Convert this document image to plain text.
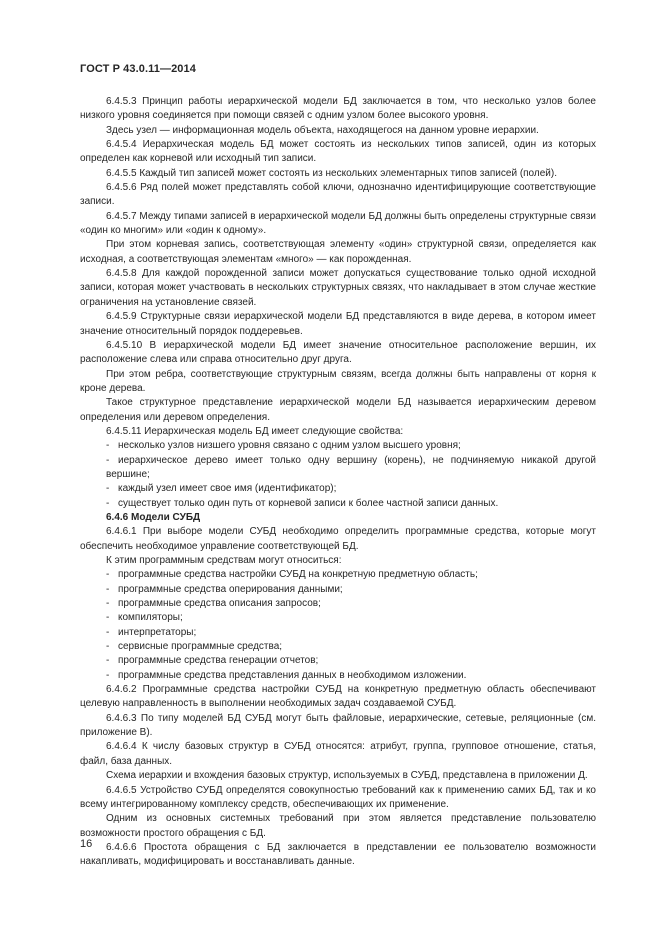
ГОСТ Р 43.0.11—2014

6.4.5.3 Принцип работы иерархической модели БД заключается в том, что несколько узлов более низкого уровня соединяется при помощи связей с одним узлом более высокого уровня.

Здесь узел — информационная модель объекта, находящегося на данном уровне иерархии.

6.4.5.4 Иерархическая модель БД может состоять из нескольких типов записей, один из которых определен как корневой или исходный тип записи.

6.4.5.5 Каждый тип записей может состоять из нескольких элементарных типов записей (полей).

6.4.5.6 Ряд полей может представлять собой ключи, однозначно идентифицирующие соответствующие записи.

6.4.5.7 Между типами записей в иерархической модели БД должны быть определены структурные связи «один ко многим» или «один к одному».

При этом корневая запись, соответствующая элементу «один» структурной связи, определяется как исходная, а соответствующая элементам «много» — как порожденная.

6.4.5.8 Для каждой порожденной записи может допускаться существование только одной исходной записи, которая может участвовать в нескольких структурных связях, что накладывает в этом случае жесткие ограничения на установление связей.

6.4.5.9 Структурные связи иерархической модели БД представляются в виде дерева, в котором имеет значение относительный порядок поддеревьев.

6.4.5.10 В иерархической модели БД имеет значение относительное расположение вершин, их расположение слева или справа относительно друг друга.

При этом ребра, соответствующие структурным связям, всегда должны быть направлены от корня к кроне дерева.

Такое структурное представление иерархической модели БД называется иерархическим деревом определения или деревом определения.

6.4.5.11 Иерархическая модель БД имеет следующие свойства:

- несколько узлов низшего уровня связано с одним узлом высшего уровня;

- иерархическое дерево имеет только одну вершину (корень), не подчиняемую никакой другой вершине;

- каждый узел имеет свое имя (идентификатор);

- существует только один путь от корневой записи к более частной записи данных.

6.4.6 Модели СУБД

6.4.6.1 При выборе модели СУБД необходимо определить программные средства, которые могут обеспечить необходимое управление соответствующей БД.

К этим программным средствам могут относиться:

- программные средства настройки СУБД на конкретную предметную область;

- программные средства оперирования данными;

- программные средства описания запросов;

- компиляторы;

- интерпретаторы;

- сервисные программные средства;

- программные средства генерации отчетов;

- программные средства представления данных в необходимом изложении.

6.4.6.2 Программные средства настройки СУБД на конкретную предметную область обеспечивают целевую направленность в выполнении необходимых задач создаваемой СУБД.

6.4.6.3 По типу моделей БД СУБД могут быть файловые, иерархические, сетевые, реляционные (см. приложение В).

6.4.6.4 К числу базовых структур в СУБД относятся: атрибут, группа, групповое отношение, статья, файл, база данных.

Схема иерархии и вхождения базовых структур, используемых в СУБД, представлена в приложении Д.

6.4.6.5 Устройство СУБД определятся совокупностью требований как к применению самих БД, так и ко всему интегрированному комплексу средств, обеспечивающих их применение.

Одним из основных системных требований при этом является представление пользователю возможности простого обращения с БД.

6.4.6.6 Простота обращения с БД заключается в представлении ее пользователю возможности накапливать, модифицировать и восстанавливать данные.

16
